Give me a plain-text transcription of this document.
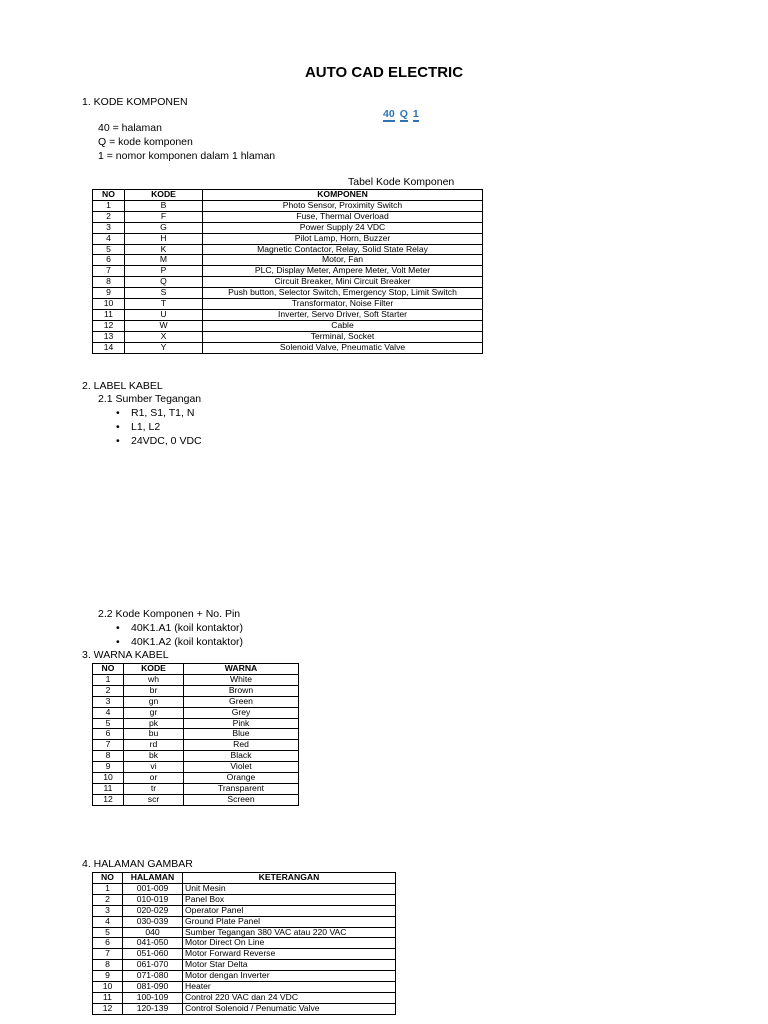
AUTO CAD ELECTRIC
1. KODE KOMPONEN
40 Q 1
40 = halaman
Q = kode komponen
1 = nomor komponen dalam 1 hlaman
Tabel Kode Komponen
NO	KODE	KOMPONEN
1	B	Photo Sensor, Proximity Switch
2	F	Fuse, Thermal Overload
3	G	Power Supply 24 VDC
4	H	Pilot Lamp, Horn, Buzzer
5	K	Magnetic Contactor, Relay, Solid State Relay
6	M	Motor, Fan
7	P	PLC, Display Meter, Ampere Meter, Volt Meter
8	Q	Circuit Breaker, Mini Circuit Breaker
9	S	Push button, Selector Switch, Emergency Stop, Limit Switch
10	T	Transformator, Noise Filter
11	U	Inverter, Servo Driver, Soft Starter
12	W	Cable
13	X	Terminal, Socket
14	Y	Solenoid Valve, Pneumatic Valve
2. LABEL KABEL
2.1 Sumber Tegangan
• R1, S1, T1, N
• L1, L2
• 24VDC, 0 VDC
2.2 Kode Komponen + No. Pin
• 40K1.A1 (koil kontaktor)
• 40K1.A2 (koil kontaktor)
3. WARNA KABEL
NO	KODE	WARNA
1	wh	White
2	br	Brown
3	gn	Green
4	gr	Grey
5	pk	Pink
6	bu	Blue
7	rd	Red
8	bk	Black
9	vi	Violet
10	or	Orange
11	tr	Transparent
12	scr	Screen
4. HALAMAN GAMBAR
NO	HALAMAN	KETERANGAN
1	001-009	Unit Mesin
2	010-019	Panel Box
3	020-029	Operator Panel
4	030-039	Ground Plate Panel
5	040	Sumber Tegangan 380 VAC atau 220 VAC
6	041-050	Motor Direct On Line
7	051-060	Motor Forward Reverse
8	061-070	Motor Star Delta
9	071-080	Motor dengan Inverter
10	081-090	Heater
11	100-109	Control 220 VAC dan 24 VDC
12	120-139	Control Solenoid / Penumatic Valve
